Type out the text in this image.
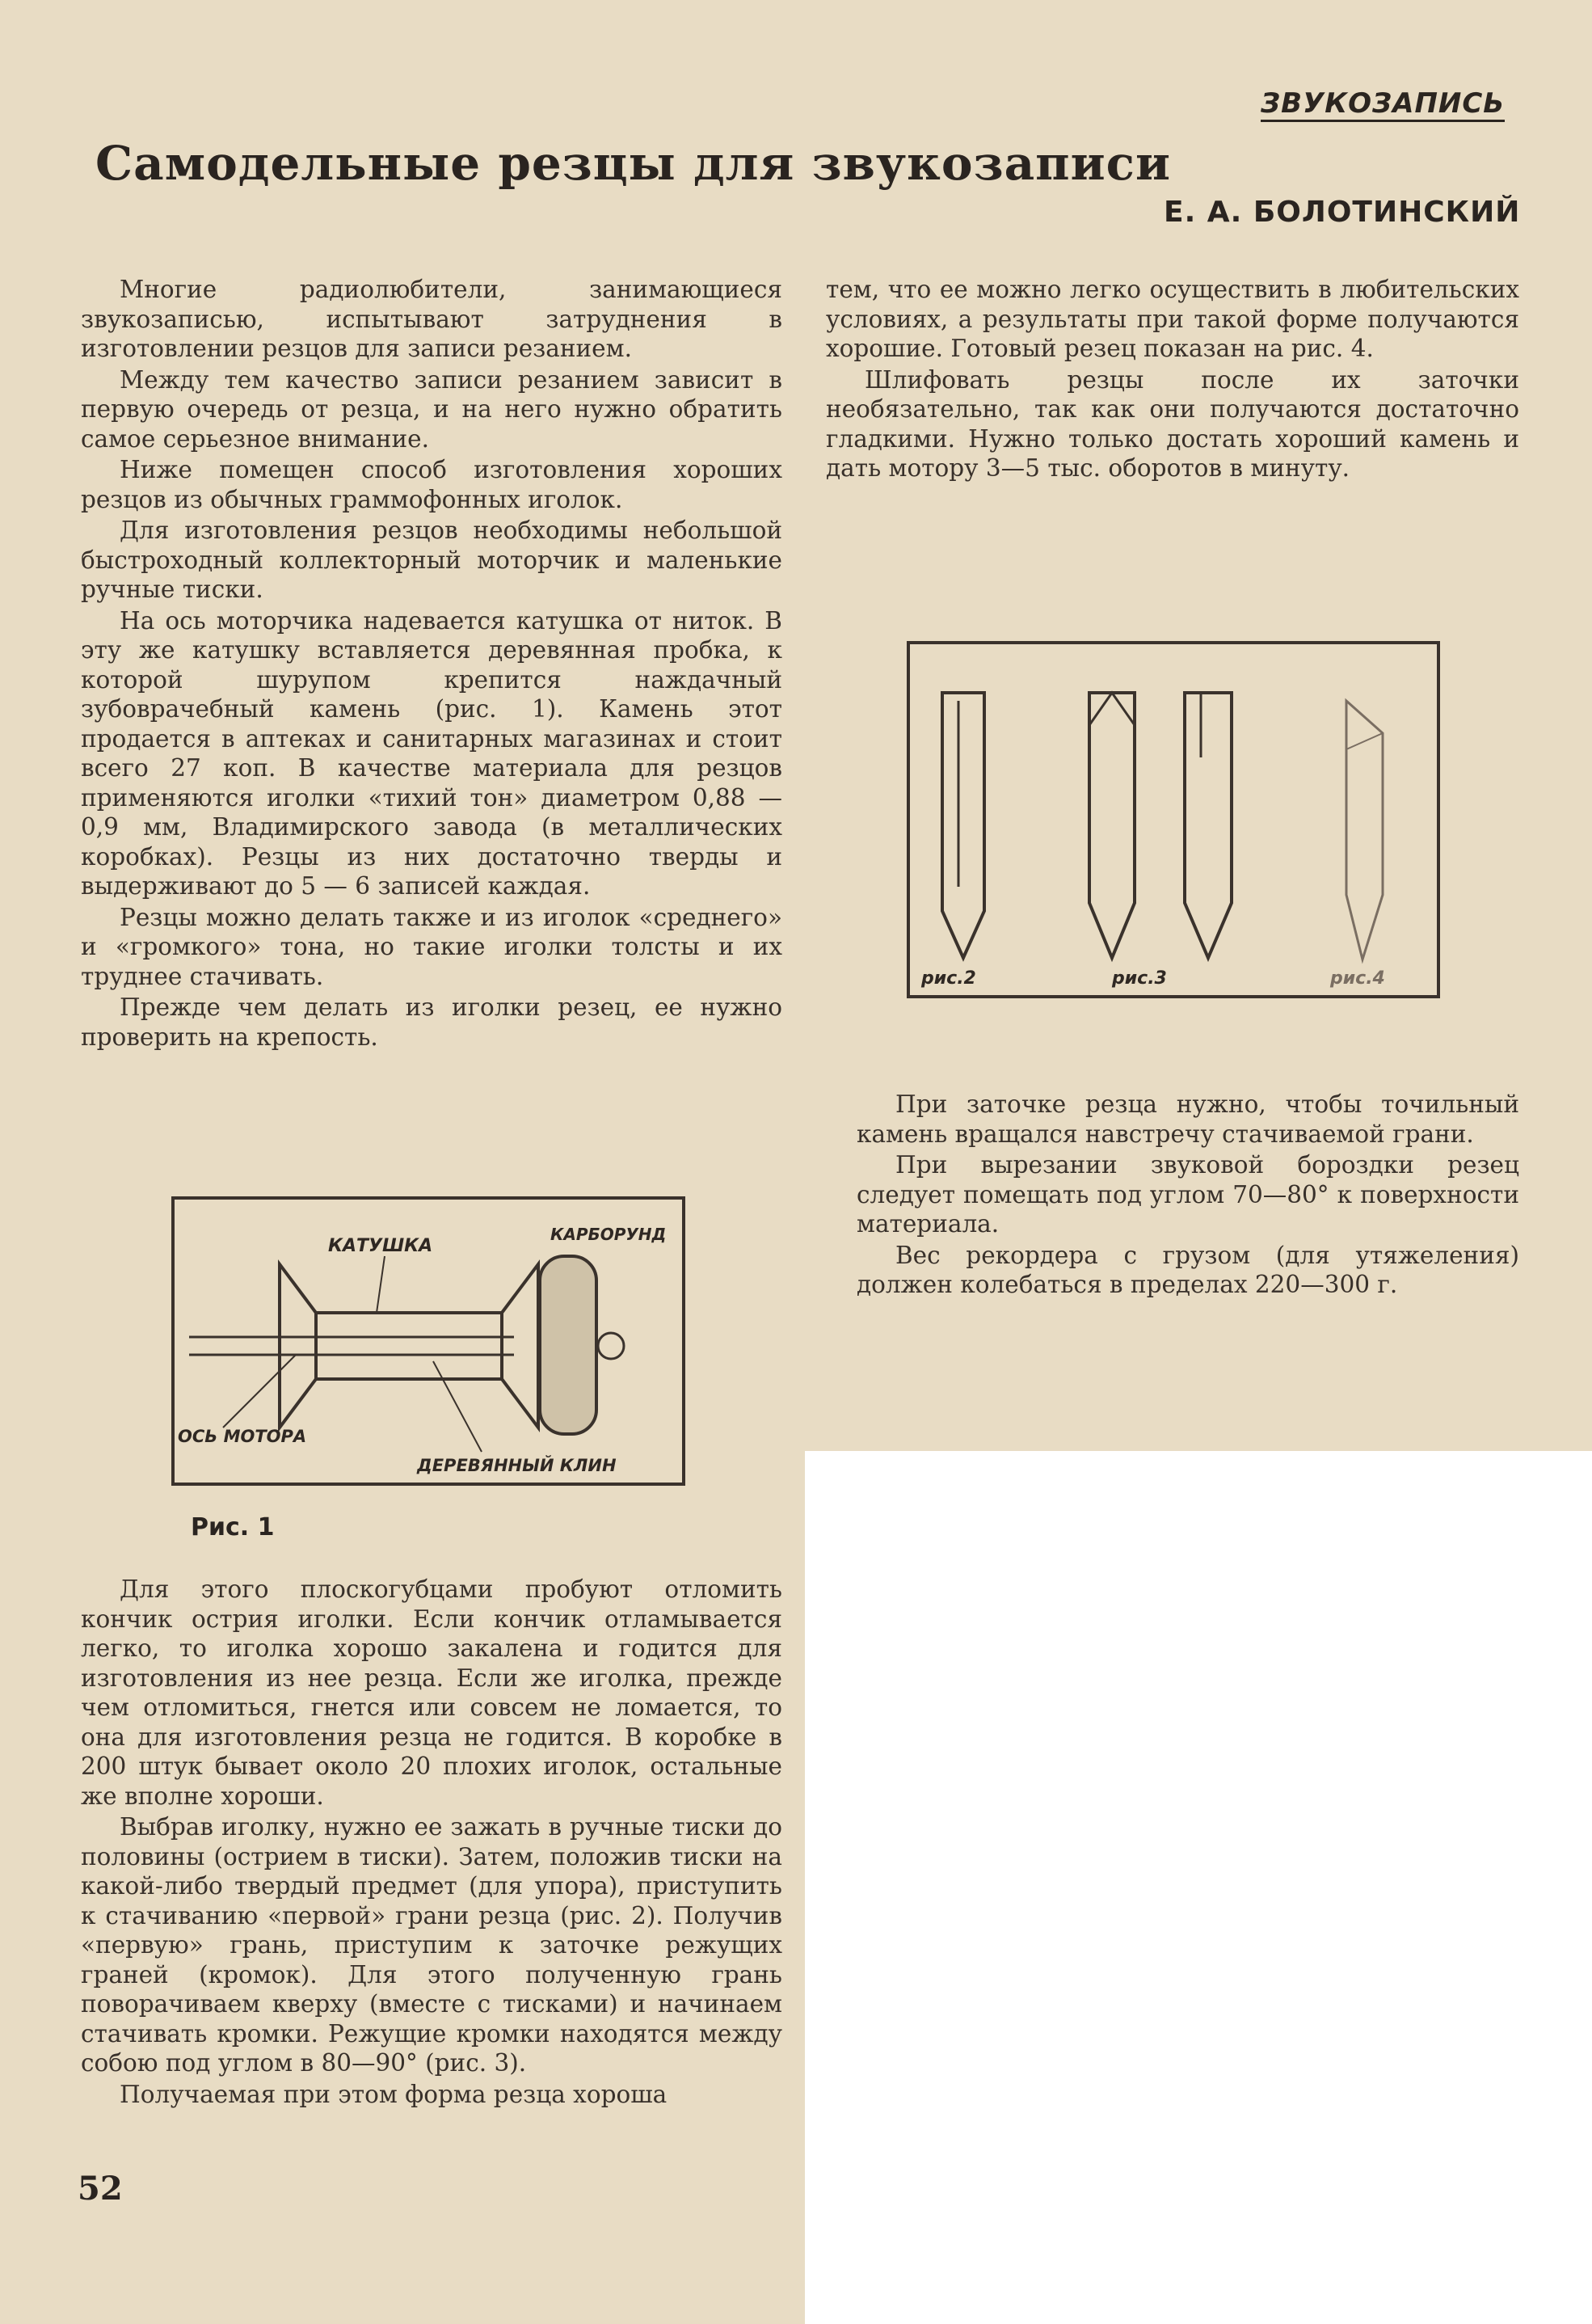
ЗВУКОЗАПИСЬ
Самодельные резцы для звукозаписи
Е. А. БОЛОТИНСКИЙ

Многие радиолюбители, занимающиеся звукозаписью, испытывают затруднения в изготовлении резцов для записи резанием.

Между тем качество записи резанием зависит в первую очередь от резца, и на него нужно обратить самое серьезное внимание.

Ниже помещен способ изготовления хороших резцов из обычных граммофонных иголок.

Для изготовления резцов необходимы небольшой быстроходный коллекторный моторчик и маленькие ручные тиски.

На ось моторчика надевается катушка от ниток. В эту же катушку вставляется деревянная пробка, к которой шурупом крепится наждачный зубоврачебный камень (рис. 1). Камень этот продается в аптеках и санитарных магазинах и стоит всего 27 коп. В качестве материала для резцов применяются иголки «тихий тон» диаметром 0,88 — 0,9 мм, Владимирского завода (в металлических коробках). Резцы из них достаточно тверды и выдерживают до 5 — 6 записей каждая.

Резцы можно делать также и из иголок «среднего» и «громкого» тона, но такие иголки толсты и их труднее стачивать.

Прежде чем делать из иголки резец, ее нужно проверить на крепость.

КАТУШКА
КАРБОРУНД
ОСЬ МОТОРА
ДЕРЕВЯННЫЙ КЛИН
Рис. 1

Для этого плоскогубцами пробуют отломить кончик острия иголки. Если кончик отламывается легко, то иголка хорошо закалена и годится для изготовления из нее резца. Если же иголка, прежде чем отломиться, гнется или совсем не ломается, то она для изготовления резца не годится. В коробке в 200 штук бывает около 20 плохих иголок, остальные же вполне хороши.

Выбрав иголку, нужно ее зажать в ручные тиски до половины (острием в тиски). Затем, положив тиски на какой-либо твердый предмет (для упора), приступить к стачиванию «первой» грани резца (рис. 2). Получив «первую» грань, приступим к заточке режущих граней (кромок). Для этого полученную грань поворачиваем кверху (вместе с тисками) и начинаем стачивать кромки. Режущие кромки находятся между собою под углом в 80—90° (рис. 3).

Получаемая при этом форма резца хороша

тем, что ее можно легко осуществить в любительских условиях, а результаты при такой форме получаются хорошие. Готовый резец показан на рис. 4.

Шлифовать резцы после их заточки необязательно, так как они получаются достаточно гладкими. Нужно только достать хороший камень и дать мотору 3—5 тыс. оборотов в минуту.

рис.2	рис.3	рис.4

При заточке резца нужно, чтобы точильный камень вращался навстречу стачиваемой грани.

При вырезании звуковой бороздки резец следует помещать под углом 70—80° к поверхности материала.

Вес рекордера с грузом (для утяжеления) должен колебаться в пределах 220—300 г.

52
